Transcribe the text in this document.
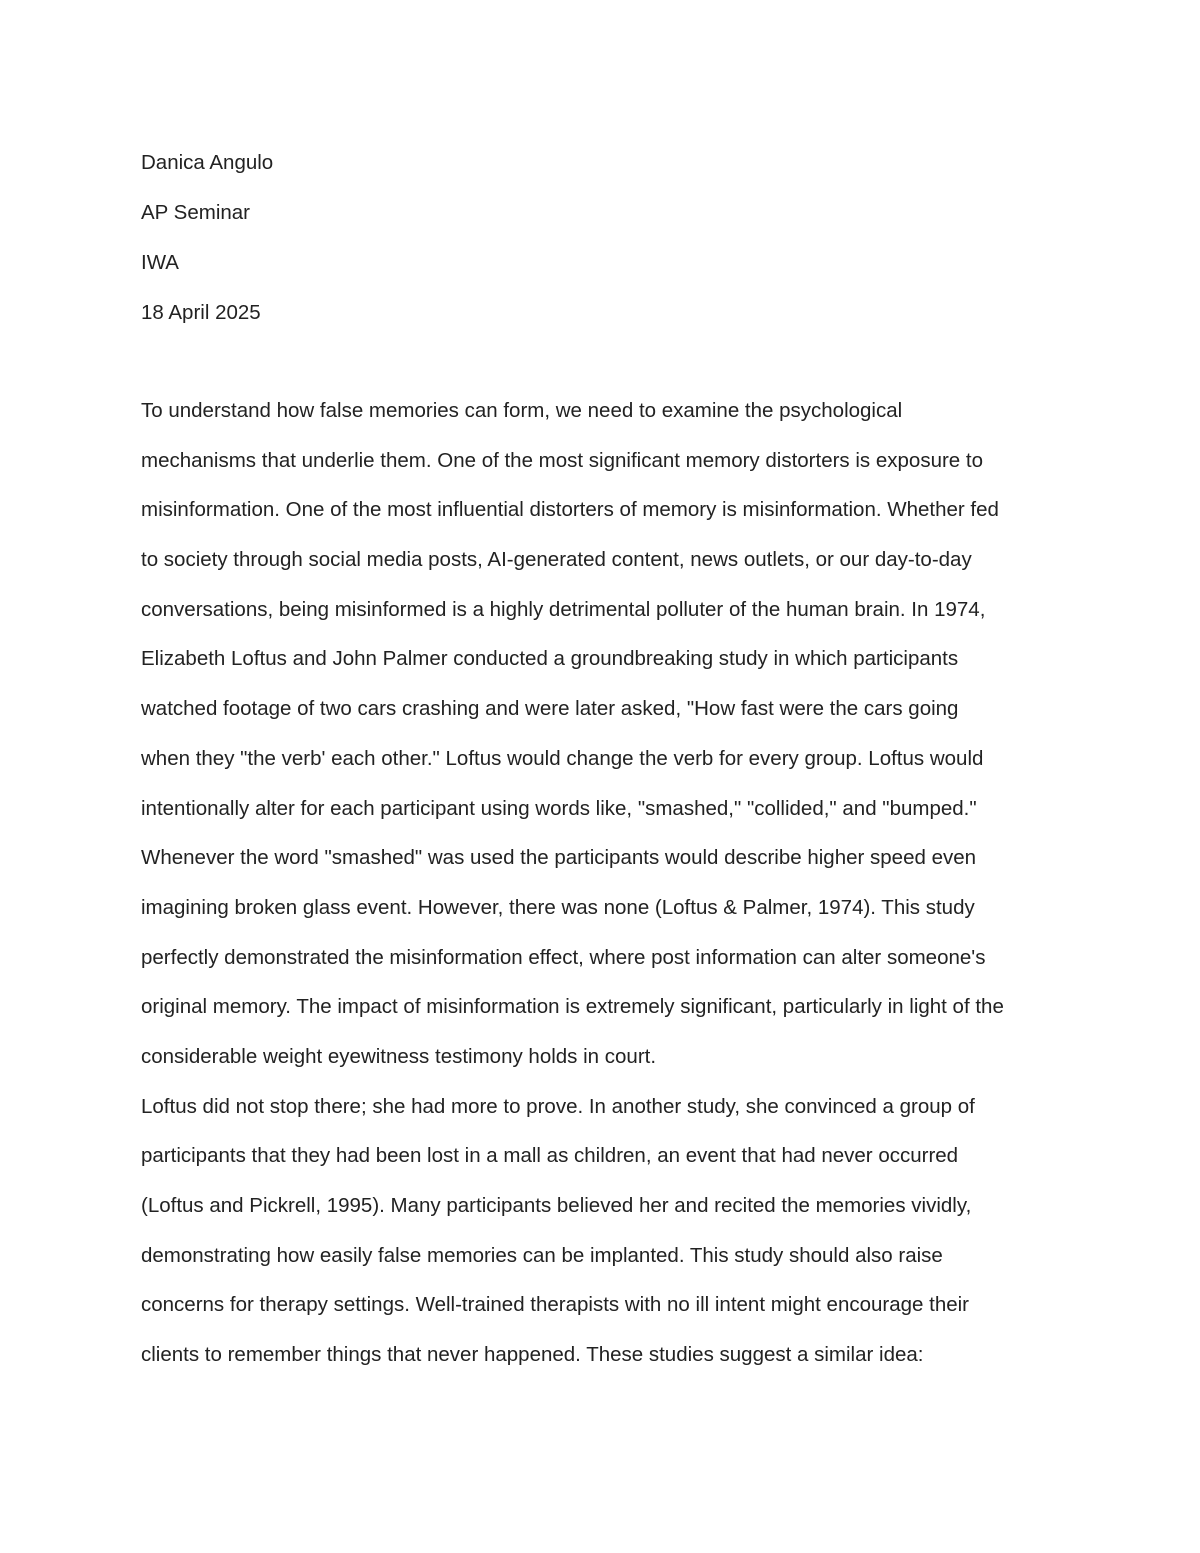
Danica Angulo
AP Seminar
IWA
18 April 2025
To understand how false memories can form, we need to examine the psychological
mechanisms that underlie them. One of the most significant memory distorters is exposure to
misinformation. One of the most influential distorters of memory is misinformation. Whether fed
to society through social media posts, AI-generated content, news outlets, or our day-to-day
conversations, being misinformed is a highly detrimental polluter of the human brain. In 1974,
Elizabeth Loftus and John Palmer conducted a groundbreaking study in which participants
watched footage of two cars crashing and were later asked, "How fast were the cars going
when they "the verb' each other." Loftus would change the verb for every group. Loftus would
intentionally alter for each participant using words like, "smashed," "collided," and "bumped."
Whenever the word "smashed" was used the participants would describe higher speed even
imagining broken glass event. However, there was none (Loftus & Palmer, 1974). This study
perfectly demonstrated the misinformation effect, where post information can alter someone's
original memory. The impact of misinformation is extremely significant, particularly in light of the
considerable weight eyewitness testimony holds in court.
Loftus did not stop there; she had more to prove. In another study, she convinced a group of
participants that they had been lost in a mall as children, an event that had never occurred
(Loftus and Pickrell, 1995). Many participants believed her and recited the memories vividly,
demonstrating how easily false memories can be implanted. This study should also raise
concerns for therapy settings. Well-trained therapists with no ill intent might encourage their
clients to remember things that never happened. These studies suggest a similar idea:
